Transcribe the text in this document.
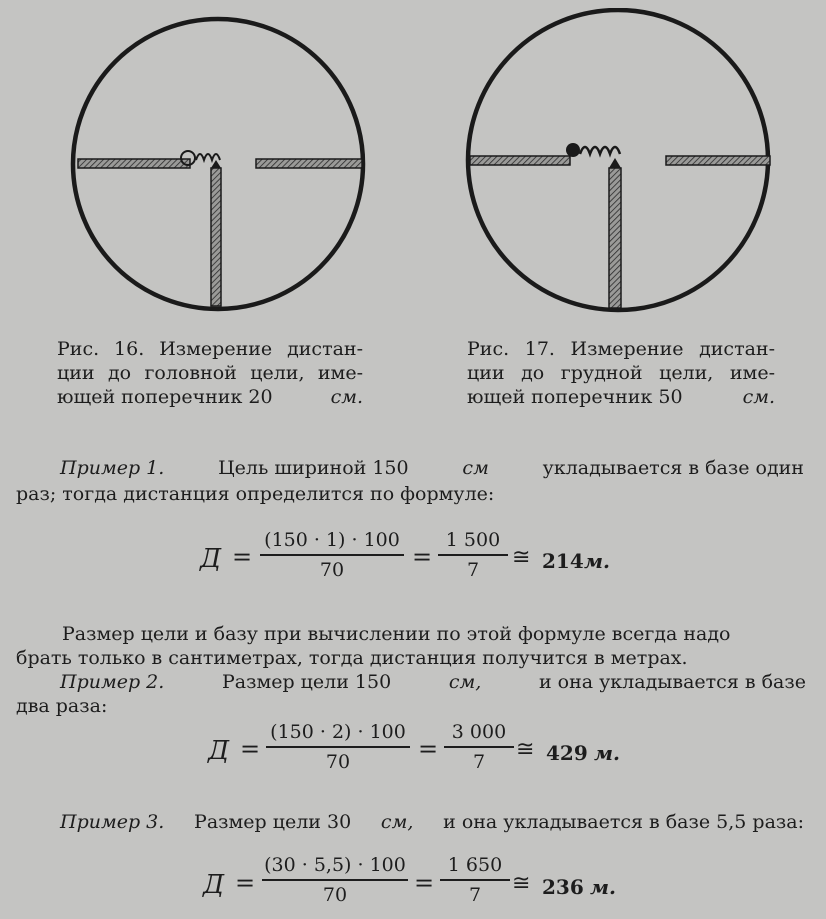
Рис. 16. Измерение дистан-
ции до головной цели, име-
ющей поперечник 20	см.
Рис. 17. Измерение дистан-
ции до грудной цели, име-
ющей поперечник 50	см.
Пример 1.	Цель шириной 150	см	укладывается в базе один
раз; тогда дистанция определится по формуле:
Д =
(150 · 1) · 100
70	=
1 500
7	≅ 214 м.
Размер цели и базу при вычислении по этой формуле всегда надо
брать только в сантиметрах, тогда дистанция получится в метрах.
Пример 2.	Размер цели 150	см,	и она укладывается в базе
два раза:
Д =
(150 · 2) · 100
70	=
3 000
7	≅ 429 м.
Пример 3. Размер цели 30 см, и она укладывается в базе 5,5 раза:
Д =
(30 · 5,5) · 100
70	=
1 650
7	≅ 236 м.
